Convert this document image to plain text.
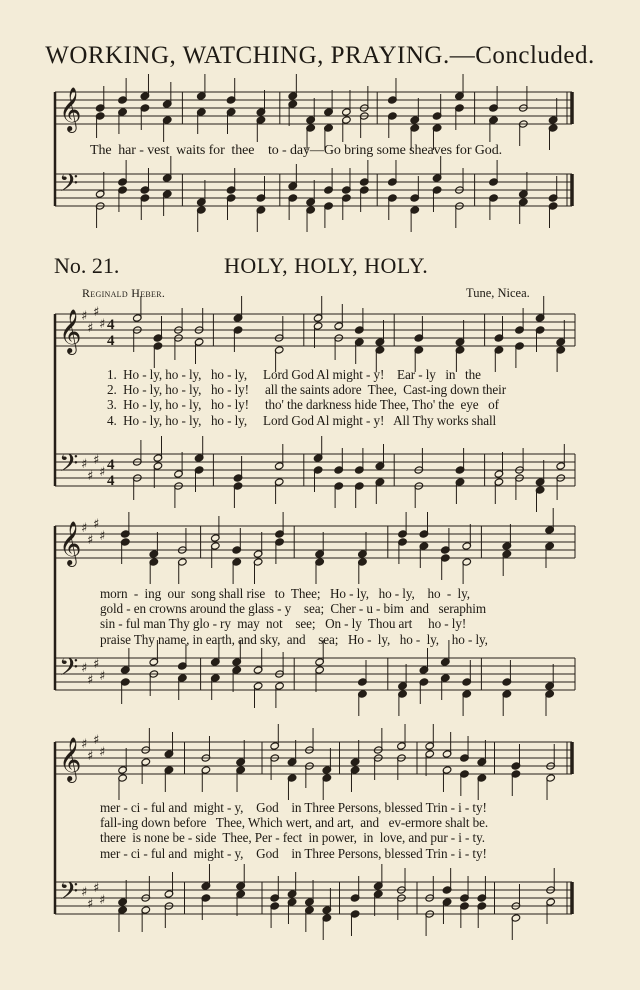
WORKING, WATCHING, PRAYING.—Concluded.
The  har - vest  waits for  thee    to - day—Go bring some sheaves for God.
No. 21.	HOLY, HOLY, HOLY.
Reginald Heber.	Tune, Nicea.
1.  Ho - ly, ho - ly,   ho - ly,     Lord God Al might - y!    Ear - ly   in   the
2.  Ho - ly, ho - ly,   ho - ly!     all the saints adore  Thee,  Cast-ing down their
3.  Ho - ly, ho - ly,   ho - ly!     tho' the darkness hide Thee, Tho' the  eye   of
4.  Ho - ly, ho - ly,   ho - ly,     Lord God Al might - y!   All Thy works shall
morn  -  ing  our  song shall rise   to  Thee;   Ho - ly,   ho - ly,    ho  -  ly,
gold - en crowns around the glass - y    sea;  Cher - u - bim  and   seraphim
sin - ful man Thy glo - ry  may  not    see;   On - ly  Thou art     ho - ly!
praise Thy name, in earth, and sky,  and    sea;   Ho -  ly,   ho -  ly,    ho - ly,
mer - ci - ful and  might - y,    God    in Three Persons, blessed Trin - i - ty!
fall-ing down before   Thee, Which wert, and art,  and   ev-ermore shalt be.
there  is none be - side  Thee, Per - fect  in power,  in  love, and pur - i - ty.
mer - ci - ful and  might - y,    God    in Three Persons, blessed Trin - i - ty!
𝄞
𝄢
𝄞
𝄢
♯
♯
♯
♯
♯
♯
♯
♯
4
4
4
4
𝄞
𝄢
♯
♯
♯
♯
♯
♯
♯
♯
𝄞
𝄢
♯
♯
♯
♯
♯
♯
♯
♯
